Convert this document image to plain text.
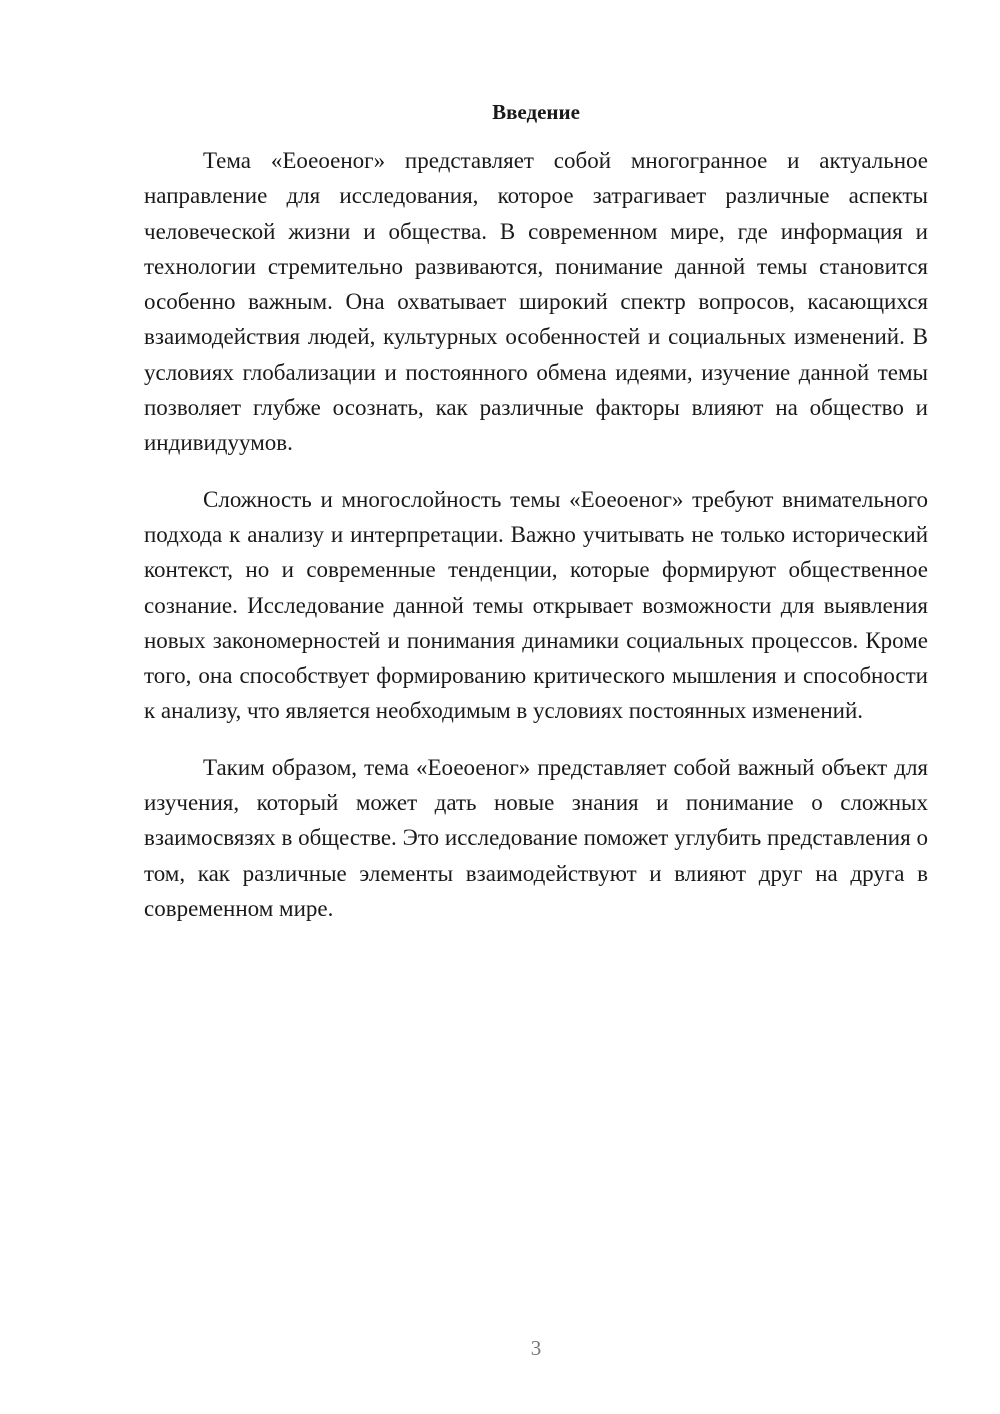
Введение

Тема «Еоеоеног» представляет собой многогранное и актуальное направление для исследования, которое затрагивает различные аспекты человеческой жизни и общества. В современном мире, где информация и технологии стремительно развиваются, понимание данной темы становится особенно важным. Она охватывает широкий спектр вопросов, касающихся взаимодействия людей, культурных особенностей и социальных изменений. В условиях глобализации и постоянного обмена идеями, изучение данной темы позволяет глубже осознать, как различные факторы влияют на общество и индивидуумов.

Сложность и многослойность темы «Еоеоеног» требуют внимательного подхода к анализу и интерпретации. Важно учитывать не только исторический контекст, но и современные тенденции, которые формируют общественное сознание. Исследование данной темы открывает возможности для выявления новых закономерностей и понимания динамики социальных процессов. Кроме того, она способствует формированию критического мышления и способности к анализу, что является необходимым в условиях постоянных изменений.

Таким образом, тема «Еоеоеног» представляет собой важный объект для изучения, который может дать новые знания и понимание о сложных взаимосвязях в обществе. Это исследование поможет углубить представления о том, как различные элементы взаимодействуют и влияют друг на друга в современном мире.

3
